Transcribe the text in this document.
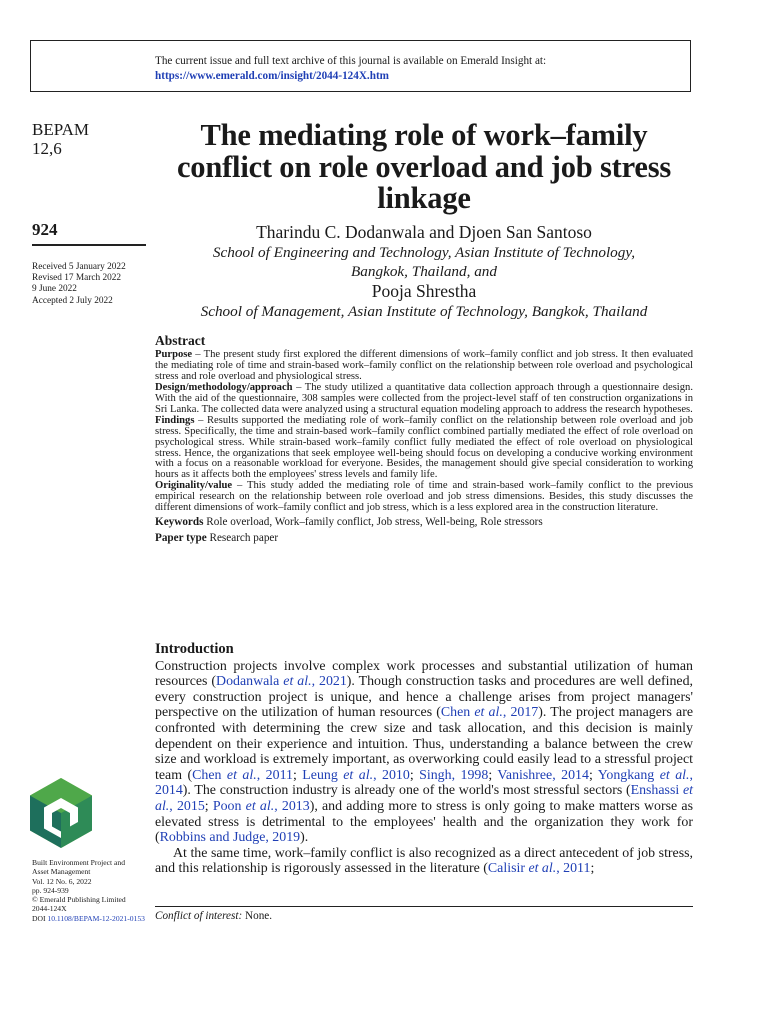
The current issue and full text archive of this journal is available on Emerald Insight at:
https://www.emerald.com/insight/2044-124X.htm
BEPAM
12,6
924
Received 5 January 2022
Revised 17 March 2022
9 June 2022
Accepted 2 July 2022
Built Environment Project and
Asset Management
Vol. 12 No. 6, 2022
pp. 924-939
© Emerald Publishing Limited
2044-124X
DOI 10.1108/BEPAM-12-2021-0153
The mediating role of work–family conflict on role overload and job stress linkage
Tharindu C. Dodanwala and Djoen San Santoso
School of Engineering and Technology, Asian Institute of Technology,
Bangkok, Thailand, and
Pooja Shrestha
School of Management, Asian Institute of Technology, Bangkok, Thailand
Abstract

Purpose – The present study first explored the different dimensions of work–family conflict and job stress. It then evaluated the mediating role of time and strain-based work–family conflict on the relationship between role overload and psychological stress and role overload and physiological stress.

Design/methodology/approach – The study utilized a quantitative data collection approach through a questionnaire design. With the aid of the questionnaire, 308 samples were collected from the project-level staff of ten construction organizations in Sri Lanka. The collected data were analyzed using a structural equation modeling approach to address the research hypotheses.

Findings – Results supported the mediating role of work–family conflict on the relationship between role overload and job stress. Specifically, the time and strain-based work–family conflict combined partially mediated the effect of role overload on psychological stress. While strain-based work–family conflict fully mediated the effect of role overload on physiological stress. Hence, the organizations that seek employee well-being should focus on developing a conducive working environment with a focus on a reasonable workload for everyone. Besides, the management should give special consideration to working hours as it affects both the employees' stress levels and family life.

Originality/value – This study added the mediating role of time and strain-based work–family conflict to the previous empirical research on the relationship between role overload and job stress dimensions. Besides, this study discusses the different dimensions of work–family conflict and job stress, which is a less explored area in the construction literature.

Keywords Role overload, Work–family conflict, Job stress, Well-being, Role stressors
Paper type Research paper
Introduction

Construction projects involve complex work processes and substantial utilization of human resources (Dodanwala et al., 2021). Though construction tasks and procedures are well defined, every construction project is unique, and hence a challenge arises from project managers' perspective on the utilization of human resources (Chen et al., 2017). The project managers are confronted with determining the crew size and task allocation, and this decision is mainly dependent on their experience and intuition. Thus, understanding a balance between the crew size and workload is extremely important, as overworking could easily lead to a stressful project team (Chen et al., 2011; Leung et al., 2010; Singh, 1998; Vanishree, 2014; Yongkang et al., 2014). The construction industry is already one of the world's most stressful sectors (Enshassi et al., 2015; Poon et al., 2013), and adding more to stress is only going to make matters worse as elevated stress is detrimental to the employees' health and the organization they work for (Robbins and Judge, 2019).

At the same time, work–family conflict is also recognized as a direct antecedent of job stress, and this relationship is rigorously assessed in the literature (Calisir et al., 2011;

Conflict of interest: None.
